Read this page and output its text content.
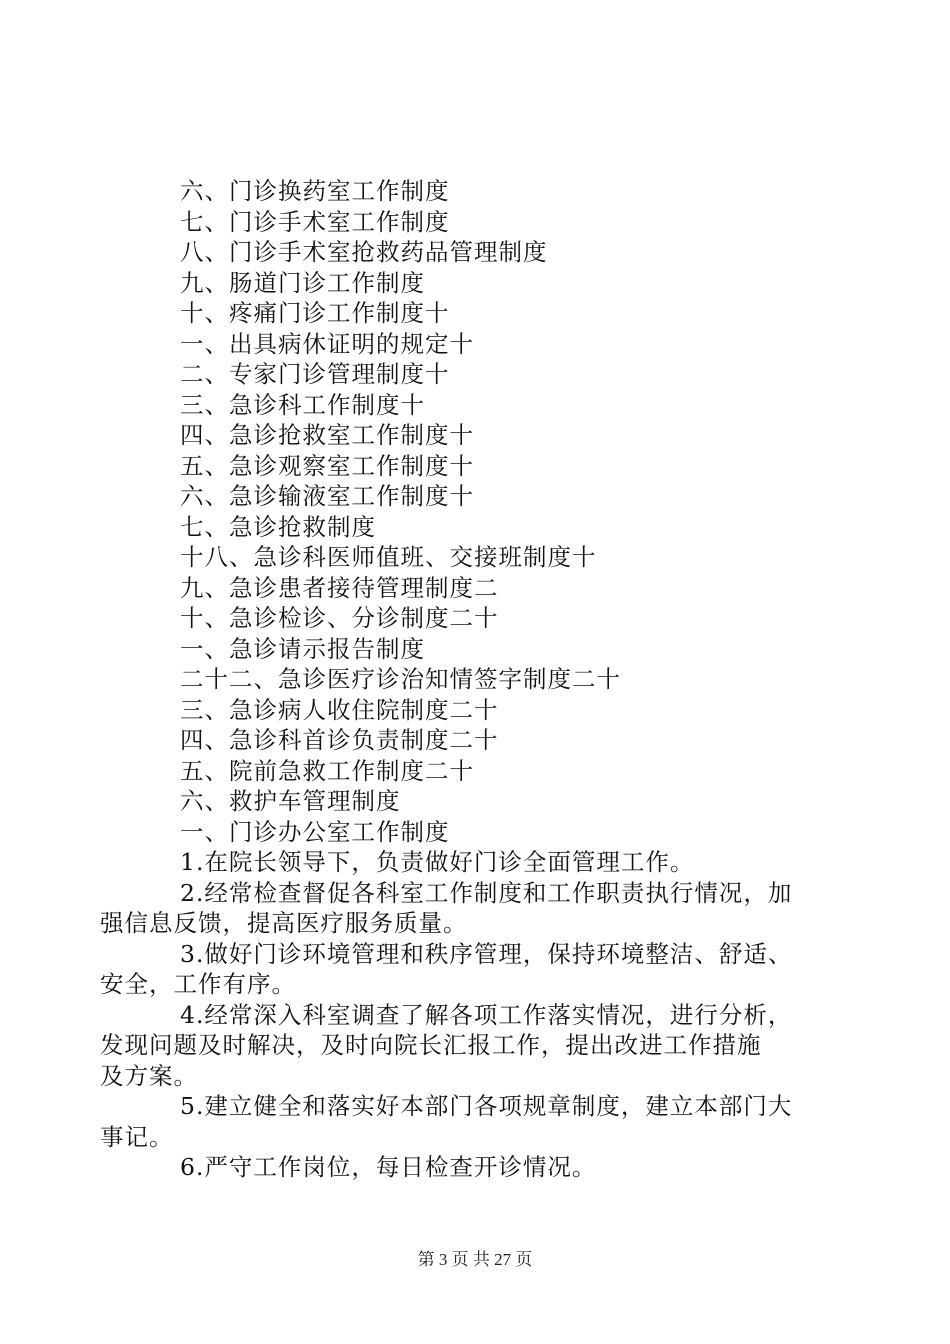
六、门诊换药室工作制度
七、门诊手术室工作制度
八、门诊手术室抢救药品管理制度
九、肠道门诊工作制度
十、疼痛门诊工作制度十
一、出具病休证明的规定十
二、专家门诊管理制度十
三、急诊科工作制度十
四、急诊抢救室工作制度十
五、急诊观察室工作制度十
六、急诊输液室工作制度十
七、急诊抢救制度
十八、急诊科医师值班、交接班制度十
九、急诊患者接待管理制度二
十、急诊检诊、分诊制度二十
一、急诊请示报告制度
二十二、急诊医疗诊治知情签字制度二十
三、急诊病人收住院制度二十
四、急诊科首诊负责制度二十
五、院前急救工作制度二十
六、救护车管理制度
一、门诊办公室工作制度
1.在院长领导下，负责做好门诊全面管理工作。
2.经常检查督促各科室工作制度和工作职责执行情况，加
强信息反馈，提高医疗服务质量。
3.做好门诊环境管理和秩序管理，保持环境整洁、舒适、
安全，工作有序。
4.经常深入科室调查了解各项工作落实情况，进行分析，
发现问题及时解决，及时向院长汇报工作，提出改进工作措施
及方案。
5.建立健全和落实好本部门各项规章制度，建立本部门大
事记。
6.严守工作岗位，每日检查开诊情况。
第 3 页 共 27 页
